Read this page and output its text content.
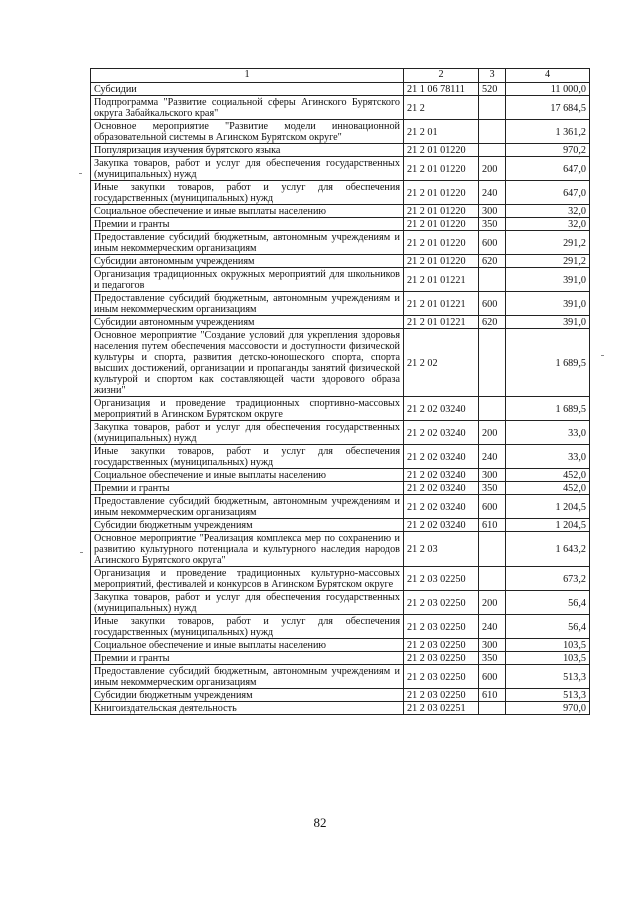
1	2	3	4
Субсидии	21 1 06 78111	520	11 000,0
Подпрограмма "Развитие социальной сферы Агинского Бурятского округа Забайкальского края"	21 2		17 684,5
Основное мероприятие "Развитие модели инновационной образовательной системы в Агинском Бурятском округе"	21 2 01		1 361,2
Популяризация изучения бурятского языка	21 2 01 01220		970,2
Закупка товаров, работ и услуг для обеспечения государственных (муниципальных) нужд	21 2 01 01220	200	647,0
Иные закупки товаров, работ и услуг для обеспечения государственных (муниципальных) нужд	21 2 01 01220	240	647,0
Социальное обеспечение и иные выплаты населению	21 2 01 01220	300	32,0
Премии и гранты	21 2 01 01220	350	32,0
Предоставление субсидий бюджетным, автономным учреждениям и иным некоммерческим организациям	21 2 01 01220	600	291,2
Субсидии автономным учреждениям	21 2 01 01220	620	291,2
Организация традиционных окружных мероприятий для школьников и педагогов	21 2 01 01221		391,0
Предоставление субсидий бюджетным, автономным учреждениям и иным некоммерческим организациям	21 2 01 01221	600	391,0
Субсидии автономным учреждениям	21 2 01 01221	620	391,0
Основное мероприятие "Создание условий для укрепления здоровья населения путем обеспечения массовости и доступности физической культуры и спорта, развития детско-юношеского спорта, спорта высших достижений, организации и пропаганды занятий физической культурой и спортом как составляющей части здорового образа жизни"	21 2 02		1 689,5
Организация и проведение традиционных спортивно-массовых мероприятий в Агинском Бурятском округе	21 2 02 03240		1 689,5
Закупка товаров, работ и услуг для обеспечения государственных (муниципальных) нужд	21 2 02 03240	200	33,0
Иные закупки товаров, работ и услуг для обеспечения государственных (муниципальных) нужд	21 2 02 03240	240	33,0
Социальное обеспечение и иные выплаты населению	21 2 02 03240	300	452,0
Премии и гранты	21 2 02 03240	350	452,0
Предоставление субсидий бюджетным, автономным учреждениям и иным некоммерческим организациям	21 2 02 03240	600	1 204,5
Субсидии бюджетным учреждениям	21 2 02 03240	610	1 204,5
Основное мероприятие "Реализация комплекса мер по сохранению и развитию культурного потенциала и культурного наследия народов Агинского Бурятского округа"	21 2 03		1 643,2
Организация и проведение традиционных культурно-массовых мероприятий, фестивалей и конкурсов в Агинском Бурятском округе	21 2 03 02250		673,2
Закупка товаров, работ и услуг для обеспечения государственных (муниципальных) нужд	21 2 03 02250	200	56,4
Иные закупки товаров, работ и услуг для обеспечения государственных (муниципальных) нужд	21 2 03 02250	240	56,4
Социальное обеспечение и иные выплаты населению	21 2 03 02250	300	103,5
Премии и гранты	21 2 03 02250	350	103,5
Предоставление субсидий бюджетным, автономным учреждениям и иным некоммерческим организациям	21 2 03 02250	600	513,3
Субсидии бюджетным учреждениям	21 2 03 02250	610	513,3
Книгоиздательская деятельность	21 2 03 02251		970,0
82
